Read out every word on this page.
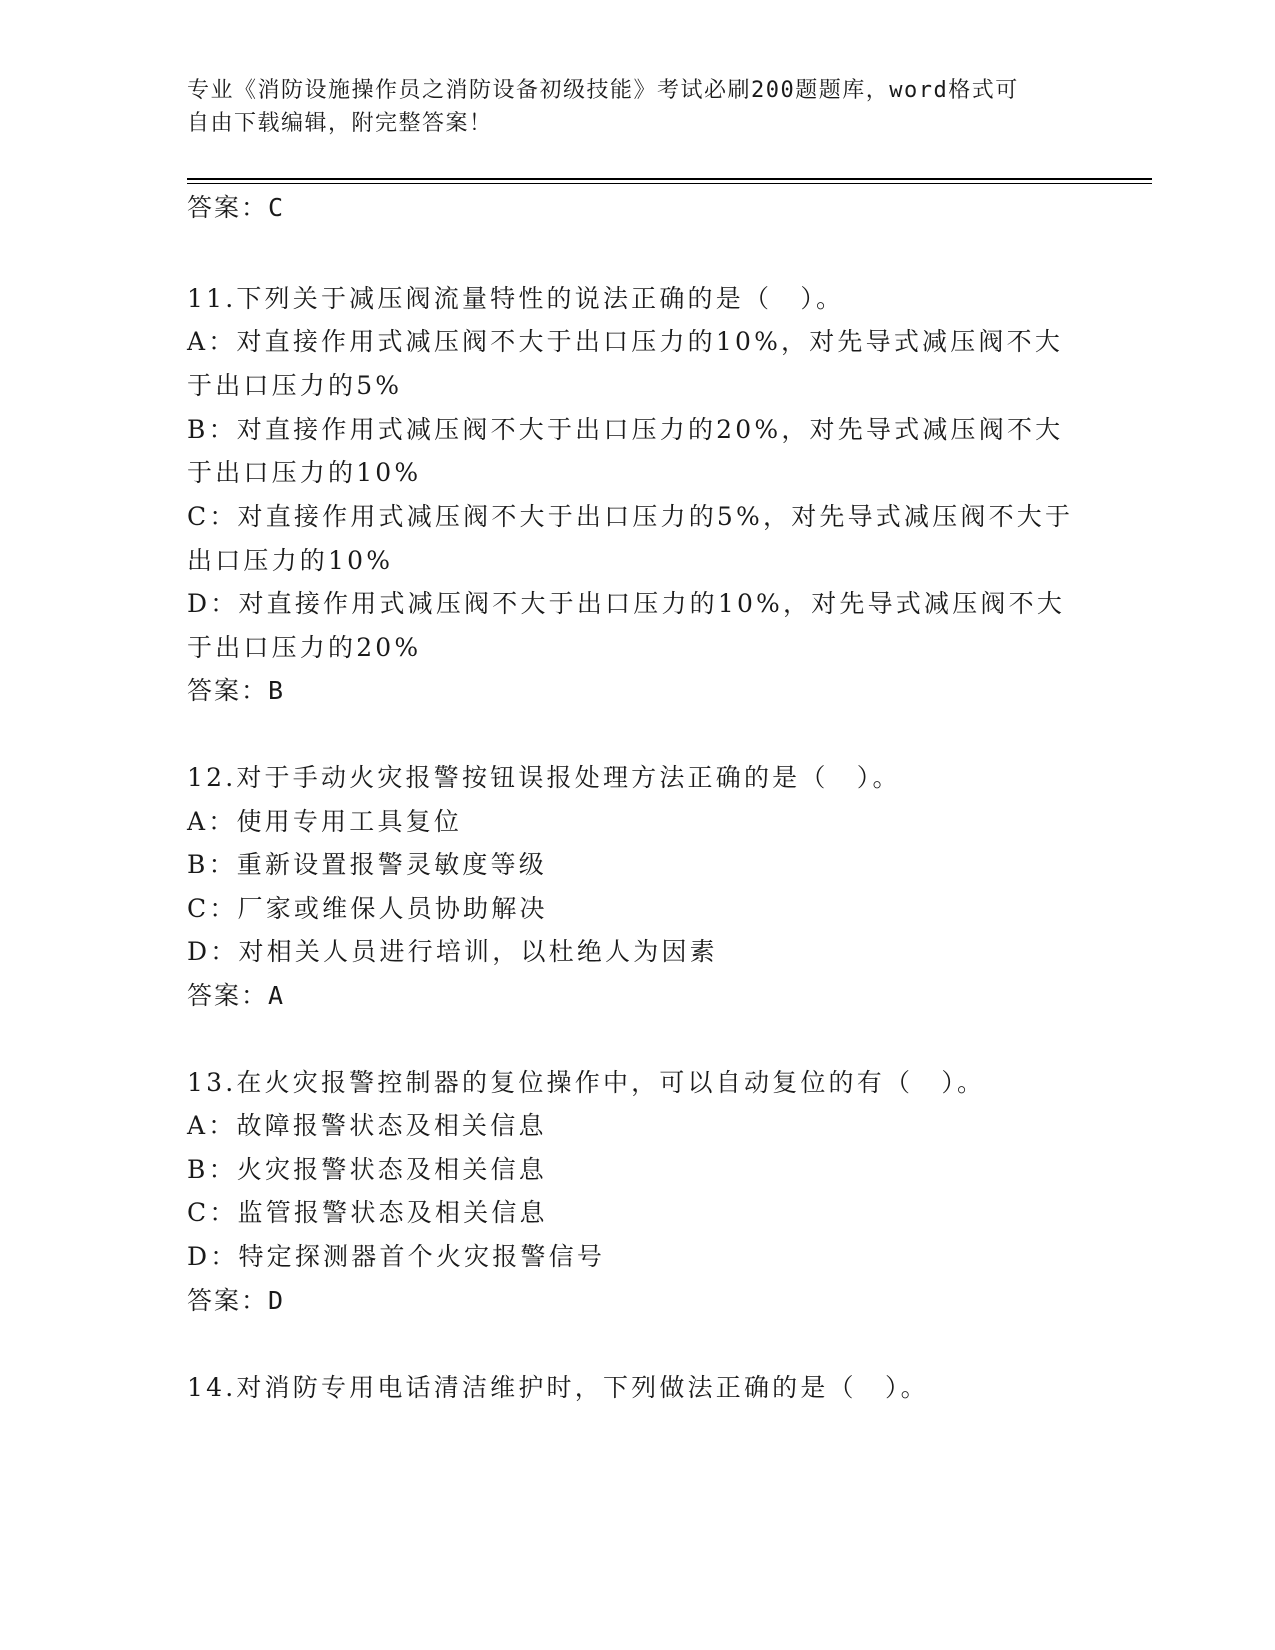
专业《消防设施操作员之消防设备初级技能》考试必刷200题题库，word格式可
自由下载编辑，附完整答案！
答案：C
11.下列关于减压阀流量特性的说法正确的是（　）。
A：对直接作用式减压阀不大于出口压力的10%，对先导式减压阀不大
于出口压力的5%
B：对直接作用式减压阀不大于出口压力的20%，对先导式减压阀不大
于出口压力的10%
C：对直接作用式减压阀不大于出口压力的5%，对先导式减压阀不大于
出口压力的10%
D：对直接作用式减压阀不大于出口压力的10%，对先导式减压阀不大
于出口压力的20%
答案：B
12.对于手动火灾报警按钮误报处理方法正确的是（　）。
A：使用专用工具复位
B：重新设置报警灵敏度等级
C：厂家或维保人员协助解决
D：对相关人员进行培训，以杜绝人为因素
答案：A
13.在火灾报警控制器的复位操作中，可以自动复位的有（　）。
A：故障报警状态及相关信息
B：火灾报警状态及相关信息
C：监管报警状态及相关信息
D：特定探测器首个火灾报警信号
答案：D
14.对消防专用电话清洁维护时，下列做法正确的是（　）。
